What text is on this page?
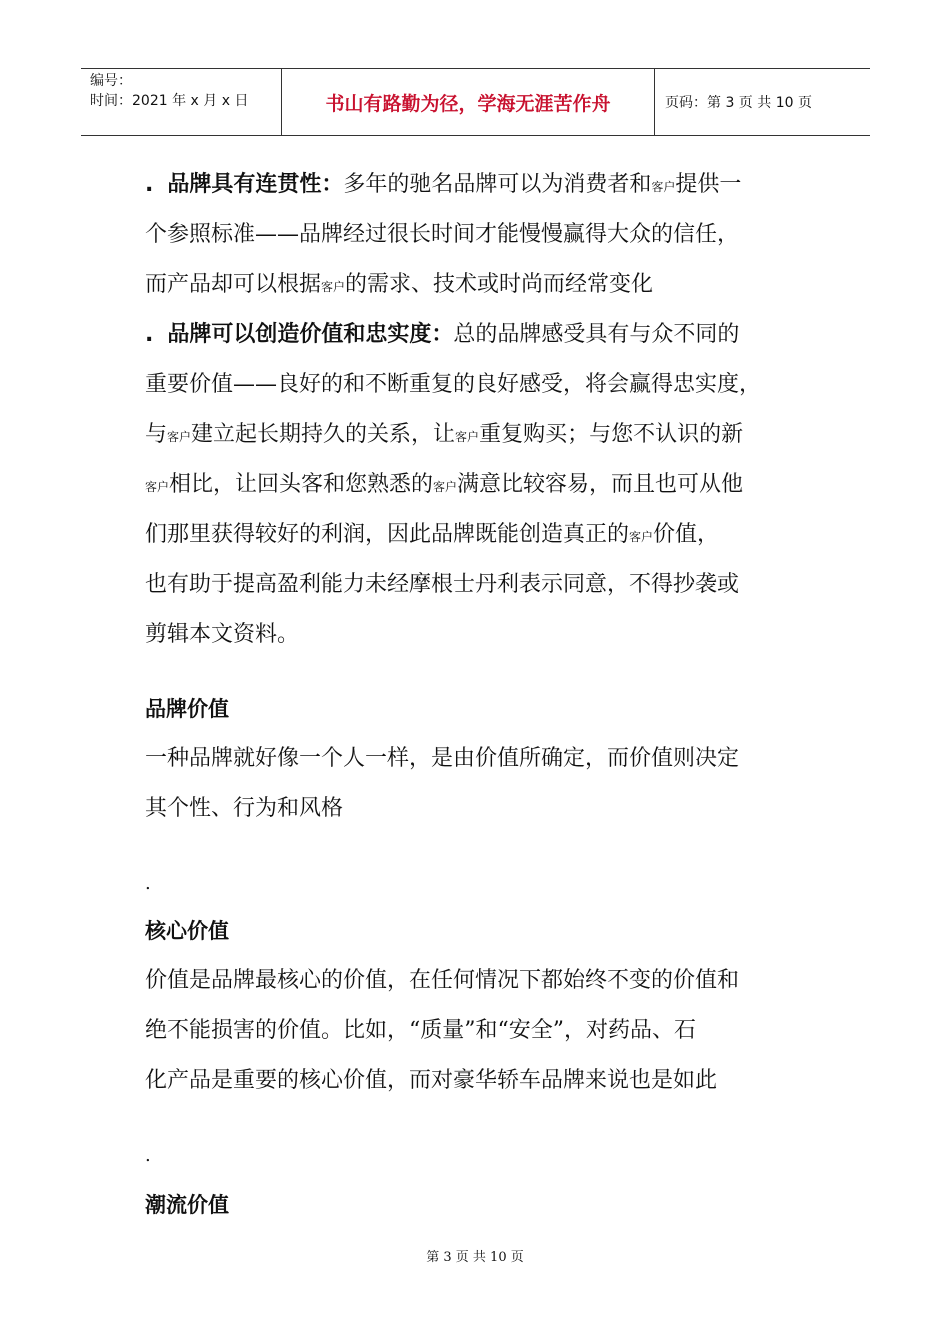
编号：
时间：2021 年 x 月 x 日	书山有路勤为径，学海无涯苦作舟	页码：第 3 页 共 10 页
. 品牌具有连贯性：多年的驰名品牌可以为消费者和客户提供一
个参照标准——品牌经过很长时间才能慢慢赢得大众的信任，
而产品却可以根据客户的需求、技术或时尚而经常变化
. 品牌可以创造价值和忠实度：总的品牌感受具有与众不同的
重要价值——良好的和不断重复的良好感受，将会赢得忠实度，
与客户建立起长期持久的关系，让客户重复购买；与您不认识的新
客户相比，让回头客和您熟悉的客户满意比较容易，而且也可从他
们那里获得较好的利润，因此品牌既能创造真正的客户价值，
也有助于提高盈利能力未经摩根士丹利表示同意，不得抄袭或
剪辑本文资料。
品牌价值
一种品牌就好像一个人一样，是由价值所确定，而价值则决定
其个性、行为和风格
.
核心价值
价值是品牌最核心的价值，在任何情况下都始终不变的价值和
绝不能损害的价值。比如，“质量”和“安全”，对药品、石
化产品是重要的核心价值，而对豪华轿车品牌来说也是如此
.
潮流价值
第 3 页 共 10 页
